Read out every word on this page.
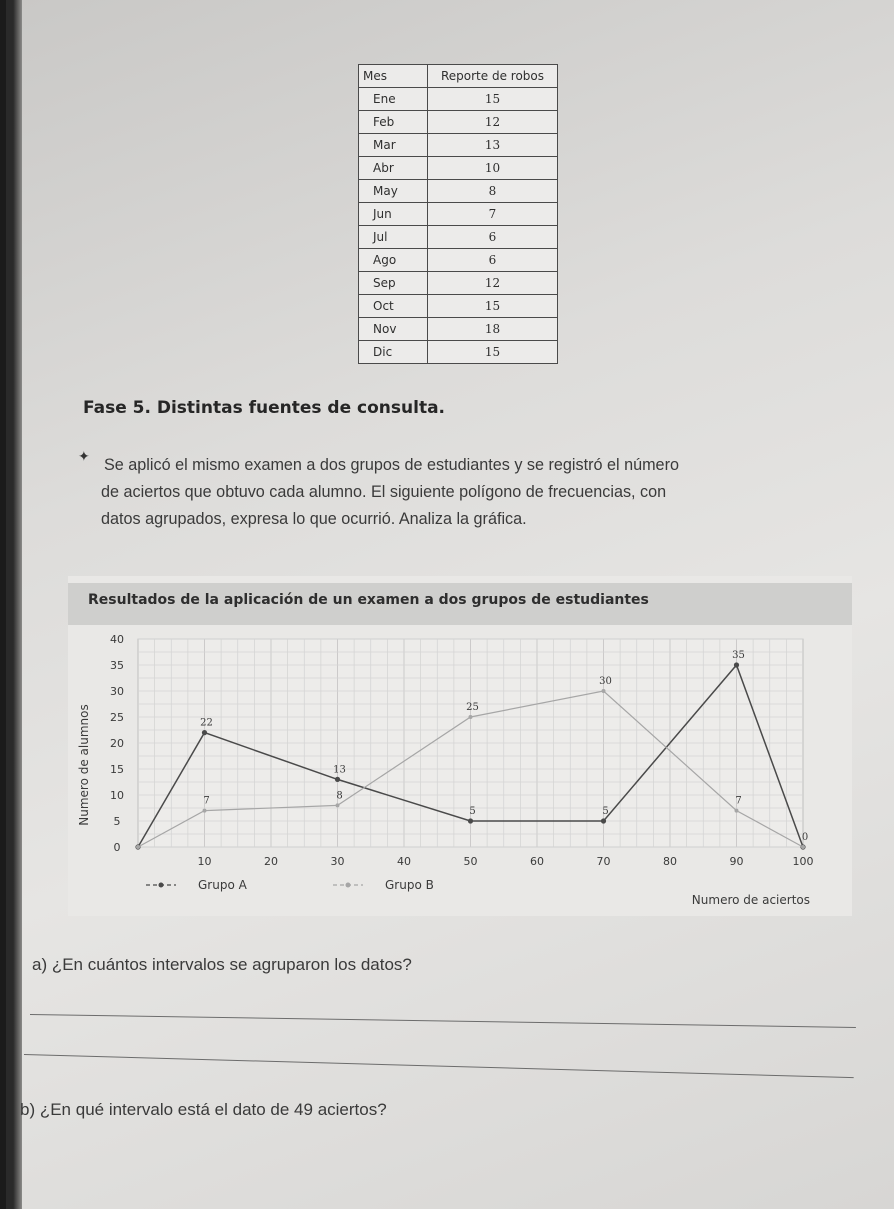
Mes	Reporte de robos
Ene	15
Feb	12
Mar	13
Abr	10
May	8
Jun	7
Jul	6
Ago	6
Sep	12
Oct	15
Nov	18
Dic	15
Fase 5. Distintas fuentes de consulta.
✦ Se aplicó el mismo examen a dos grupos de estudiantes y se registró el número
de aciertos que obtuvo cada alumno. El siguiente polígono de frecuencias, con
datos agrupados, expresa lo que ocurrió. Analiza la gráfica.
Resultados de la aplicación de un examen a dos grupos de estudiantes
0
5
10
15
20
25
30
35
40
10	20	30	40	50	60	70	80	90	100
Numero de alumnos
Numero de aciertos
22
13
5	5
35
0
7	8
25
30
7
Grupo A	Grupo B
a) ¿En cuántos intervalos se agruparon los datos?
b) ¿En qué intervalo está el dato de 49 aciertos?
